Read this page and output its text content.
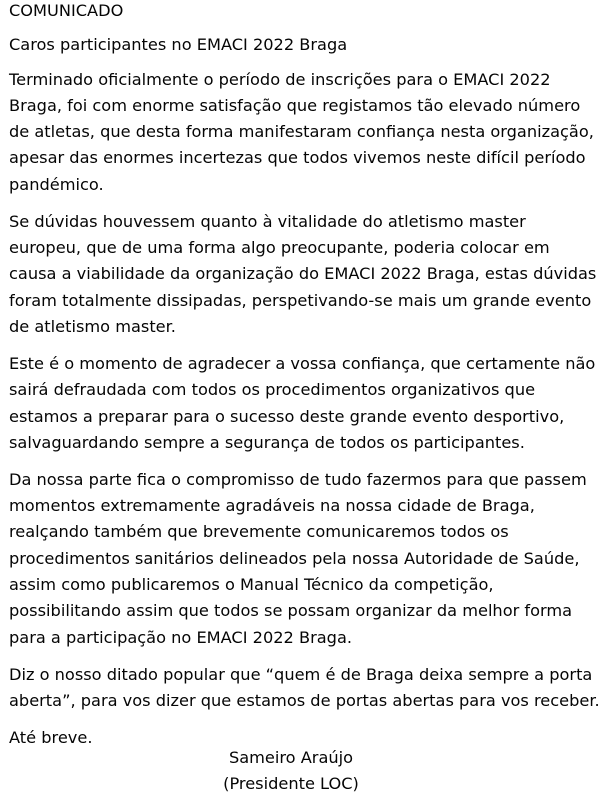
COMUNICADO

Caros participantes no EMACI 2022 Braga

Terminado oficialmente o período de inscrições para o EMACI 2022 Braga, foi com enorme satisfação que registamos tão elevado número de atletas, que desta forma manifestaram confiança nesta organização, apesar das enormes incertezas que todos vivemos neste difícil período pandémico.

Se dúvidas houvessem quanto à vitalidade do atletismo master europeu, que de uma forma algo preocupante, poderia colocar em causa a viabilidade da organização do EMACI 2022 Braga, estas dúvidas foram totalmente dissipadas, perspetivando-se mais um grande evento de atletismo master.

Este é o momento de agradecer a vossa confiança, que certamente não sairá defraudada com todos os procedimentos organizativos que estamos a preparar para o sucesso deste grande evento desportivo, salvaguardando sempre a segurança de todos os participantes.

Da nossa parte fica o compromisso de tudo fazermos para que passem momentos extremamente agradáveis na nossa cidade de Braga, realçando também que brevemente comunicaremos todos os procedimentos sanitários delineados pela nossa Autoridade de Saúde, assim como publicaremos o Manual Técnico da competição, possibilitando assim que todos se possam organizar da melhor forma para a participação no EMACI 2022 Braga.

Diz o nosso ditado popular que “quem é de Braga deixa sempre a porta aberta”, para vos dizer que estamos de portas abertas para vos receber.

Até breve.

Sameiro Araújo

(Presidente LOC)
